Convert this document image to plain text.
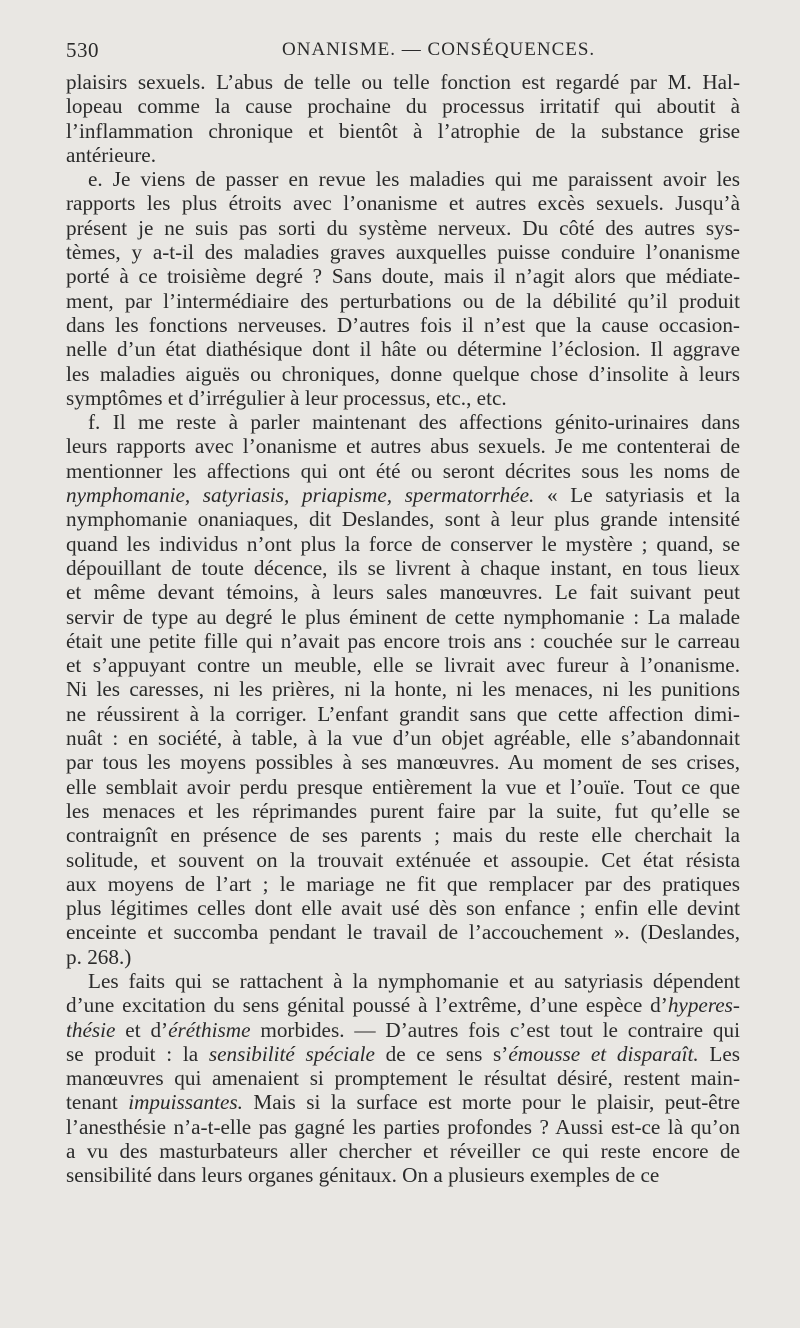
530	ONANISME. — CONSÉQUENCES.

plaisirs sexuels. L’abus de telle ou telle fonction est regardé par M. Hal-
lopeau comme la cause prochaine du processus irritatif qui aboutit à
l’inflammation chronique et bientôt à l’atrophie de la substance grise
antérieure.

e. Je viens de passer en revue les maladies qui me paraissent avoir les
rapports les plus étroits avec l’onanisme et autres excès sexuels. Jusqu’à
présent je ne suis pas sorti du système nerveux. Du côté des autres sys-
tèmes, y a-t-il des maladies graves auxquelles puisse conduire l’onanisme
porté à ce troisième degré ? Sans doute, mais il n’agit alors que médiate-
ment, par l’intermédiaire des perturbations ou de la débilité qu’il produit
dans les fonctions nerveuses. D’autres fois il n’est que la cause occasion-
nelle d’un état diathésique dont il hâte ou détermine l’éclosion. Il aggrave
les maladies aiguës ou chroniques, donne quelque chose d’insolite à leurs
symptômes et d’irrégulier à leur processus, etc., etc.

f. Il me reste à parler maintenant des affections génito-urinaires dans
leurs rapports avec l’onanisme et autres abus sexuels. Je me contenterai de
mentionner les affections qui ont été ou seront décrites sous les noms de
nymphomanie, satyriasis, priapisme, spermatorrhée. « Le satyriasis et la
nymphomanie onaniaques, dit Deslandes, sont à leur plus grande intensité
quand les individus n’ont plus la force de conserver le mystère ; quand, se
dépouillant de toute décence, ils se livrent à chaque instant, en tous lieux
et même devant témoins, à leurs sales manœuvres. Le fait suivant peut
servir de type au degré le plus éminent de cette nymphomanie : La malade
était une petite fille qui n’avait pas encore trois ans : couchée sur le carreau
et s’appuyant contre un meuble, elle se livrait avec fureur à l’onanisme.
Ni les caresses, ni les prières, ni la honte, ni les menaces, ni les punitions
ne réussirent à la corriger. L’enfant grandit sans que cette affection dimi-
nuât : en société, à table, à la vue d’un objet agréable, elle s’abandonnait
par tous les moyens possibles à ses manœuvres. Au moment de ses crises,
elle semblait avoir perdu presque entièrement la vue et l’ouïe. Tout ce que
les menaces et les réprimandes purent faire par la suite, fut qu’elle se
contraignît en présence de ses parents ; mais du reste elle cherchait la
solitude, et souvent on la trouvait exténuée et assoupie. Cet état résista
aux moyens de l’art ; le mariage ne fit que remplacer par des pratiques
plus légitimes celles dont elle avait usé dès son enfance ; enfin elle devint
enceinte et succomba pendant le travail de l’accouchement ». (Deslandes,
p. 268.)

Les faits qui se rattachent à la nymphomanie et au satyriasis dépendent
d’une excitation du sens génital poussé à l’extrême, d’une espèce d’hyperes-
thésie et d’éréthisme morbides. — D’autres fois c’est tout le contraire qui
se produit : la sensibilité spéciale de ce sens s’émousse et disparaît. Les
manœuvres qui amenaient si promptement le résultat désiré, restent main-
tenant impuissantes. Mais si la surface est morte pour le plaisir, peut-être
l’anesthésie n’a-t-elle pas gagné les parties profondes ? Aussi est-ce là qu’on
a vu des masturbateurs aller chercher et réveiller ce qui reste encore de
sensibilité dans leurs organes génitaux. On a plusieurs exemples de ce
